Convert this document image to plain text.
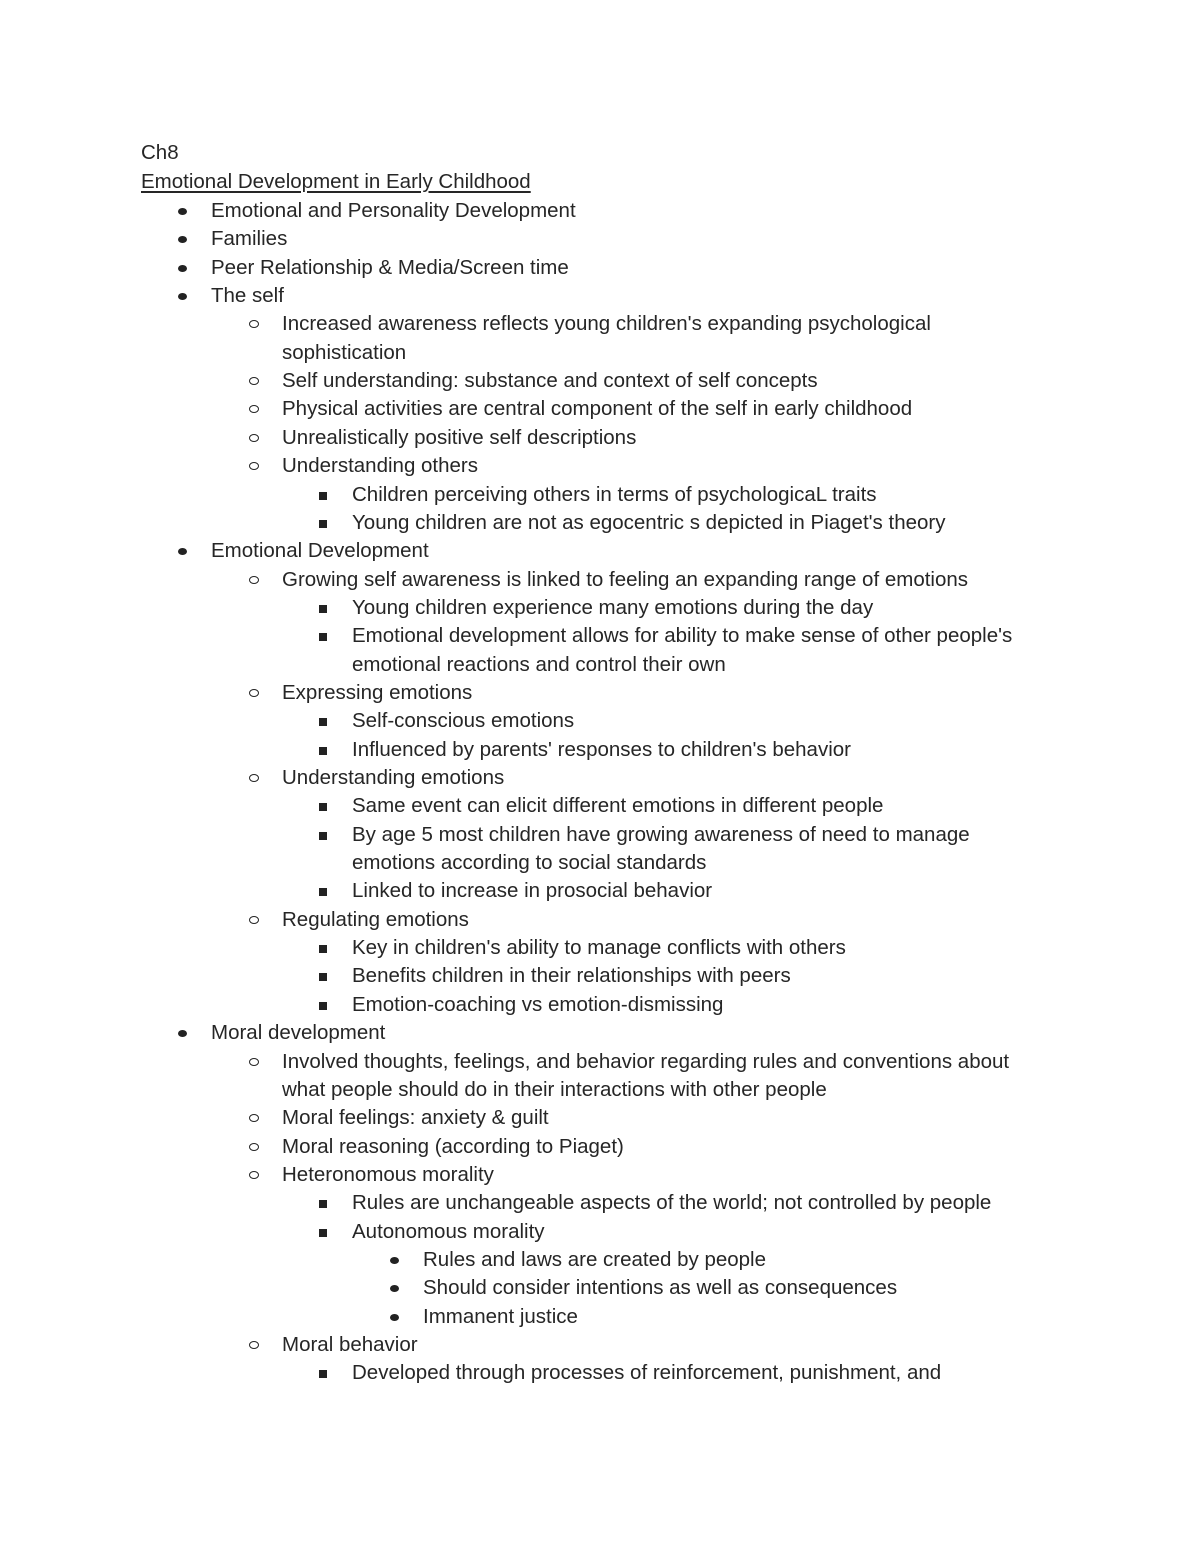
Ch8
Emotional Development in Early Childhood
Emotional and Personality Development
Families
Peer Relationship & Media/Screen time
The self
Increased awareness reflects young children's expanding psychological
sophistication
Self understanding: substance and context of self concepts
Physical activities are central component of the self in early childhood
Unrealistically positive self descriptions
Understanding others
Children perceiving others in terms of psychologicaL traits
Young children are not as egocentric s depicted in Piaget's theory
Emotional Development
Growing self awareness is linked to feeling an expanding range of emotions
Young children experience many emotions during the day
Emotional development allows for ability to make sense of other people's
emotional reactions and control their own
Expressing emotions
Self-conscious emotions
Influenced by parents' responses to children's behavior
Understanding emotions
Same event can elicit different emotions in different people
By age 5 most children have growing awareness of need to manage
emotions according to social standards
Linked to increase in prosocial behavior
Regulating emotions
Key in children's ability to manage conflicts with others
Benefits children in their relationships with peers
Emotion-coaching vs emotion-dismissing
Moral development
Involved thoughts, feelings, and behavior regarding rules and conventions about
what people should do in their interactions with other people
Moral feelings: anxiety & guilt
Moral reasoning (according to Piaget)
Heteronomous morality
Rules are unchangeable aspects of the world; not controlled by people
Autonomous morality
Rules and laws are created by people
Should consider intentions as well as consequences
Immanent justice
Moral behavior
Developed through processes of reinforcement, punishment, and
